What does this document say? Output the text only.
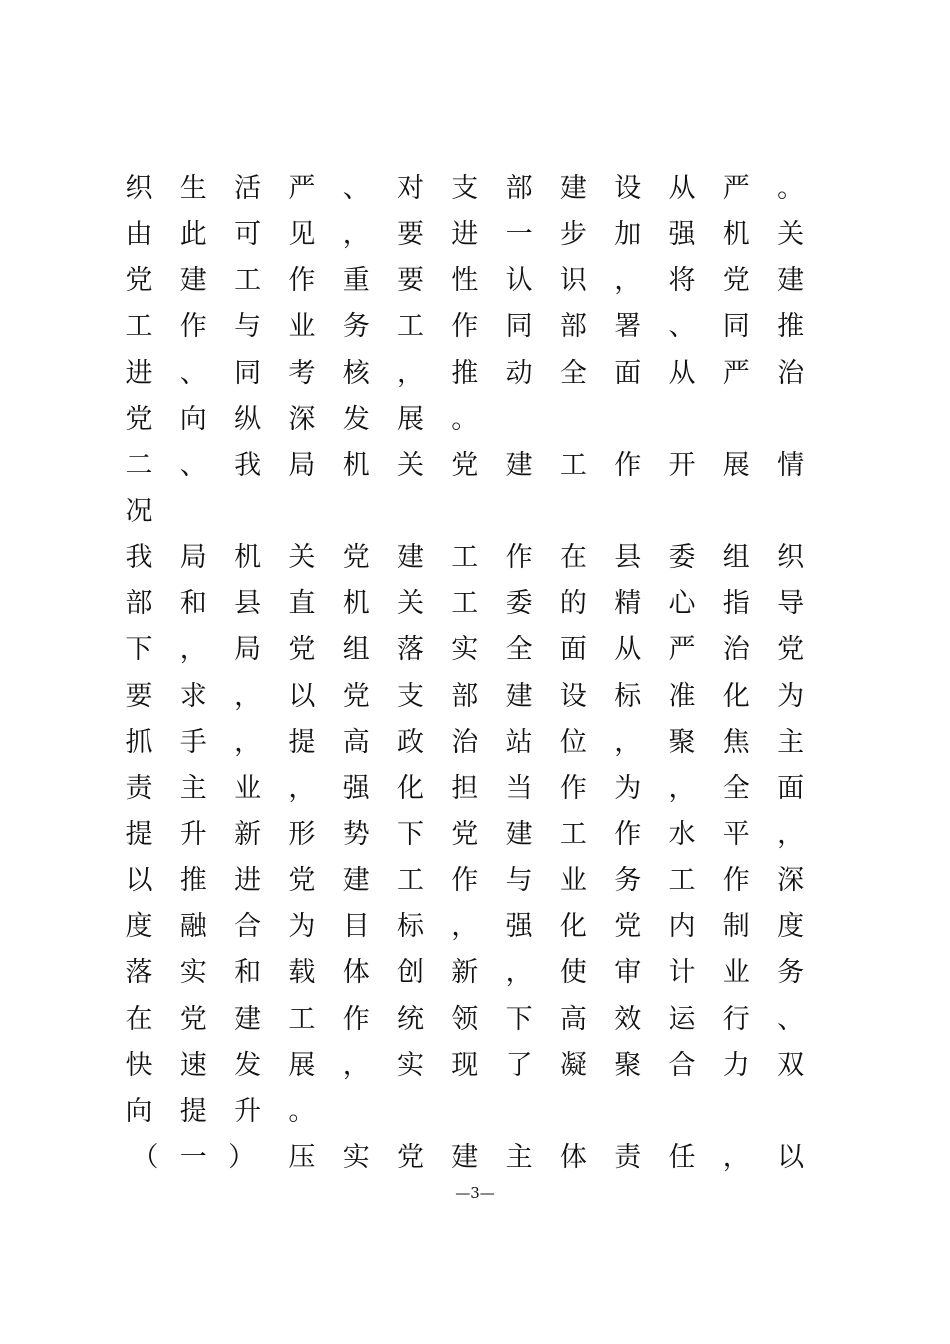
织 生 活 严 、 对 支 部 建 设 从 严 。
由 此 可 见 ， 要 进 一 步 加 强 机 关
党 建 工 作 重 要 性 认 识 ， 将 党 建
工 作 与 业 务 工 作 同 部 署 、 同 推
进 、 同 考 核 ， 推 动 全 面 从 严 治
党 向 纵 深 发 展 。
二 、 我 局 机 关 党 建 工 作 开 展 情
况
我 局 机 关 党 建 工 作 在 县 委 组 织
部 和 县 直 机 关 工 委 的 精 心 指 导
下 ， 局 党 组 落 实 全 面 从 严 治 党
要 求 ， 以 党 支 部 建 设 标 准 化 为
抓 手 ， 提 高 政 治 站 位 ， 聚 焦 主
责 主 业 ， 强 化 担 当 作 为 ， 全 面
提 升 新 形 势 下 党 建 工 作 水 平 ，
以 推 进 党 建 工 作 与 业 务 工 作 深
度 融 合 为 目 标 ， 强 化 党 内 制 度
落 实 和 载 体 创 新 ， 使 审 计 业 务
在 党 建 工 作 统 领 下 高 效 运 行 、
快 速 发 展 ， 实 现 了 凝 聚 合 力 双
向 提 升 。
（ 一 ） 压 实 党 建 主 体 责 任 ， 以
—3—
